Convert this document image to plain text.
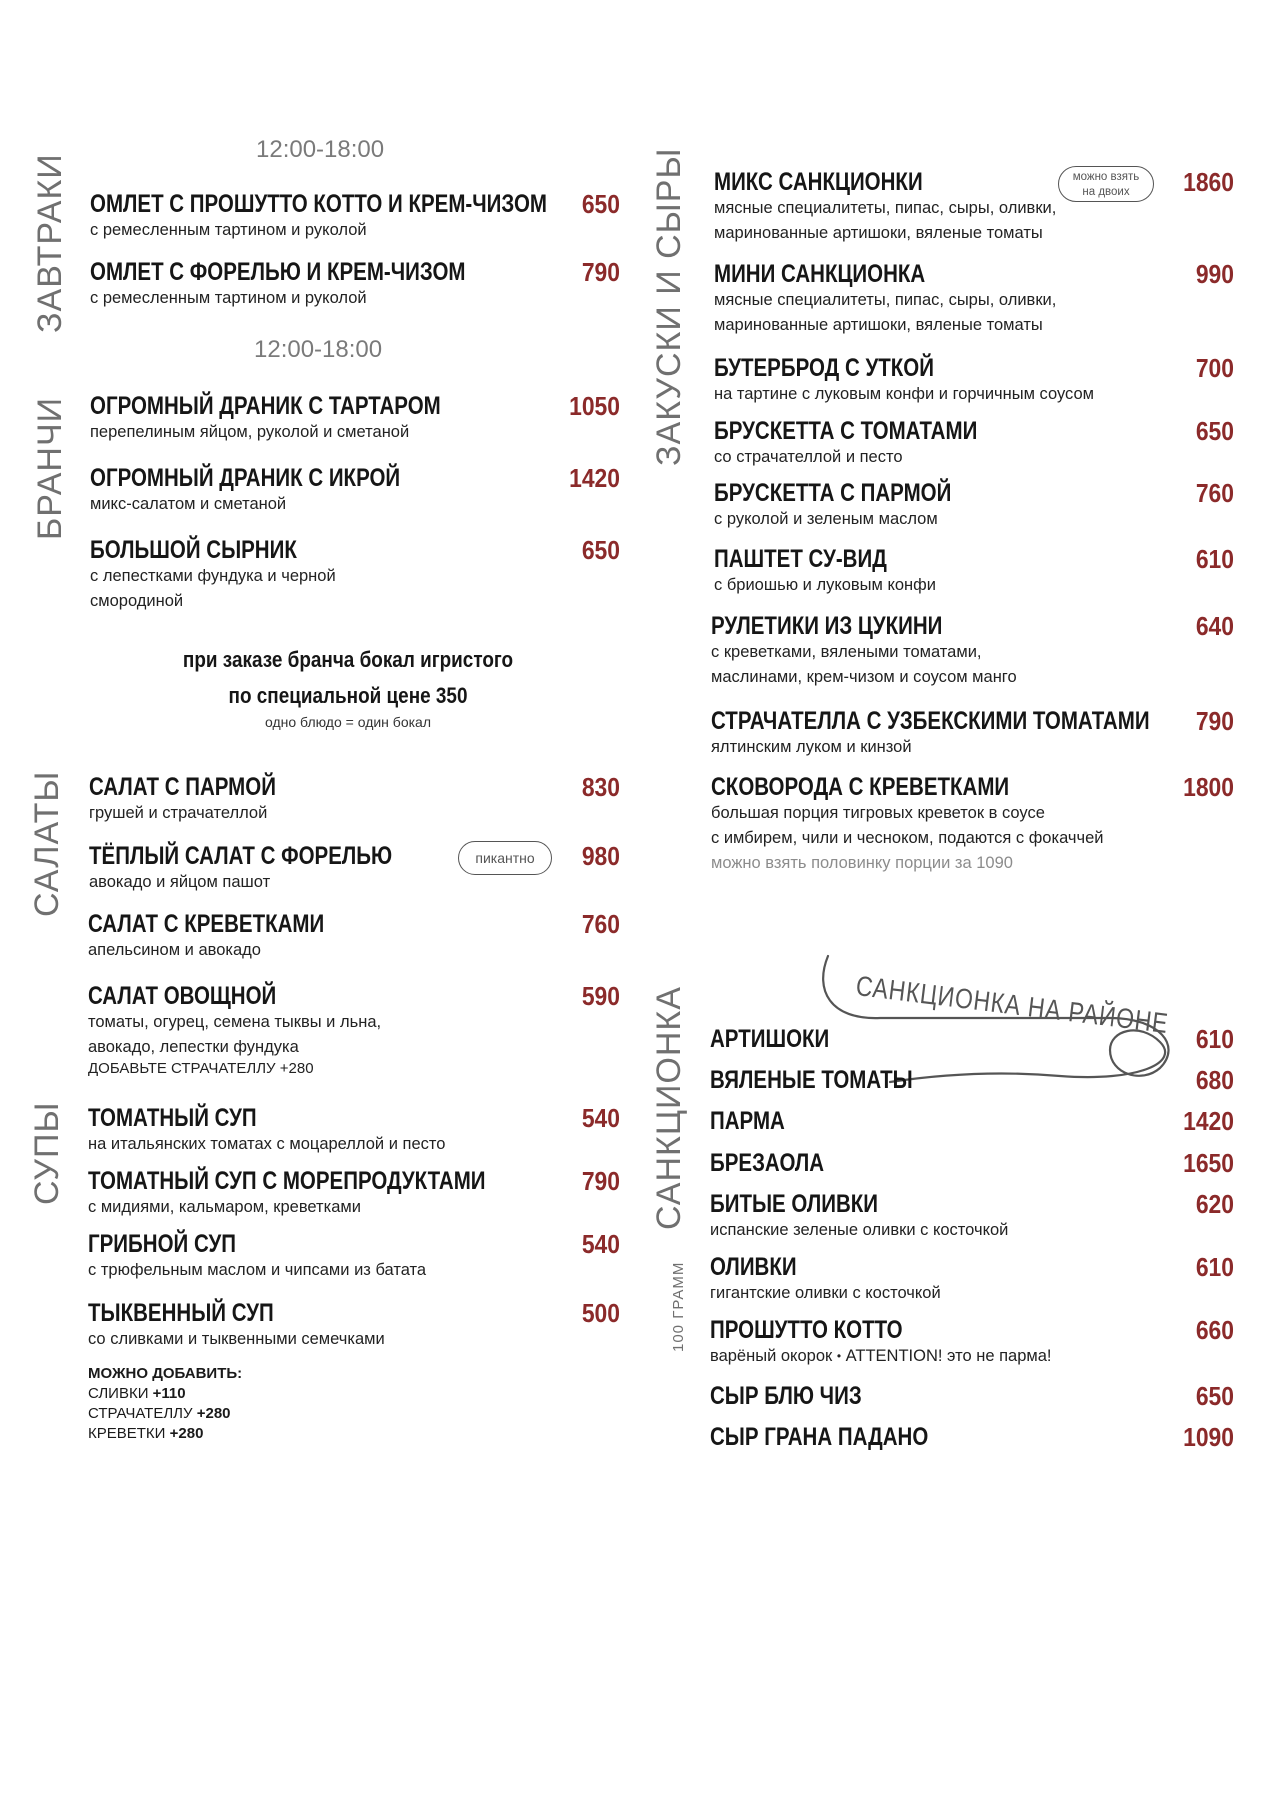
ЗАВТРАКИ
12:00-18:00
ОМЛЕТ С ПРОШУТТО КОТТО И КРЕМ-ЧИЗОМ
с ремесленным тартином и руколой
650
ОМЛЕТ С ФОРЕЛЬЮ И КРЕМ-ЧИЗОМ
с ремесленным тартином и руколой
790
12:00-18:00
БРАНЧИ ОГРОМНЫЙ ДРАНИК С ТАРТАРОМ
перепелиным яйцом, руколой и сметаной
1050
ОГРОМНЫЙ ДРАНИК С ИКРОЙ
микс-салатом и сметаной
1420
БОЛЬШОЙ СЫРНИК
с лепестками фундука и черной
смородиной
650
при заказе бранча бокал игристого
по специальной цене 350
одно блюдо = один бокал
САЛАТЫ САЛАТ С ПАРМОЙ
грушей и страчателлой
830
ТЁПЛЫЙ САЛАТ С ФОРЕЛЬЮ
авокадо и яйцом пашот
пикантно	980
САЛАТ С КРЕВЕТКАМИ
апельсином и авокадо
760
САЛАТ ОВОЩНОЙ
томаты, огурец, семена тыквы и льна,
авокадо, лепестки фундука
ДОБАВЬТЕ СТРАЧАТЕЛЛУ +280
590
СУПЫ ТОМАТНЫЙ СУП
на итальянских томатах с моцареллой и песто
540
ТОМАТНЫЙ СУП С МОРЕПРОДУКТАМИ
с мидиями, кальмаром, креветками
790
ГРИБНОЙ СУП
с трюфельным маслом и чипсами из батата
540
ТЫКВЕННЫЙ СУП
со сливками и тыквенными семечками
500
МОЖНО ДОБАВИТЬ:
СЛИВКИ +110
СТРАЧАТЕЛЛУ +280
КРЕВЕТКИ +280
ЗАКУСКИ И СЫРЫ МИКС САНКЦИОНКИ
мясные специалитеты, пипас, сыры, оливки,
маринованные артишоки, вяленые томаты
можно взять
на двоих	1860
МИНИ САНКЦИОНКА
мясные специалитеты, пипас, сыры, оливки,
маринованные артишоки, вяленые томаты
990
БУТЕРБРОД С УТКОЙ
на тартине с луковым конфи и горчичным соусом
700
БРУСКЕТТА С ТОМАТАМИ
со страчателлой и песто
650
БРУСКЕТТА С ПАРМОЙ
с руколой и зеленым маслом
760
ПАШТЕТ СУ-ВИД
с бриошью и луковым конфи
610
РУЛЕТИКИ ИЗ ЦУКИНИ
с креветками, вялеными томатами,
маслинами, крем-чизом и соусом манго
640
СТРАЧАТЕЛЛА С УЗБЕКСКИМИ ТОМАТАМИ
ялтинским луком и кинзой
790
СКОВОРОДА С КРЕВЕТКАМИ
большая порция тигровых креветок в соусе
с имбирем, чили и чесноком, подаются с фокаччей
можно взять половинку порции за 1090
1800
САНКЦИОНКА НА РАЙОНЕ
САНКЦИОНКА
100 ГРАММ
АРТИШОКИ	610
ВЯЛЕНЫЕ ТОМАТЫ	680
ПАРМА	1420
БРЕЗАОЛА	1650
БИТЫЕ ОЛИВКИ
испанские зеленые оливки с косточкой
620
ОЛИВКИ
гигантские оливки с косточкой
610
ПРОШУТТО КОТТО
варёный окорок • ATTENTION! это не парма!
660
СЫР БЛЮ ЧИЗ	650
СЫР ГРАНА ПАДАНО	1090
